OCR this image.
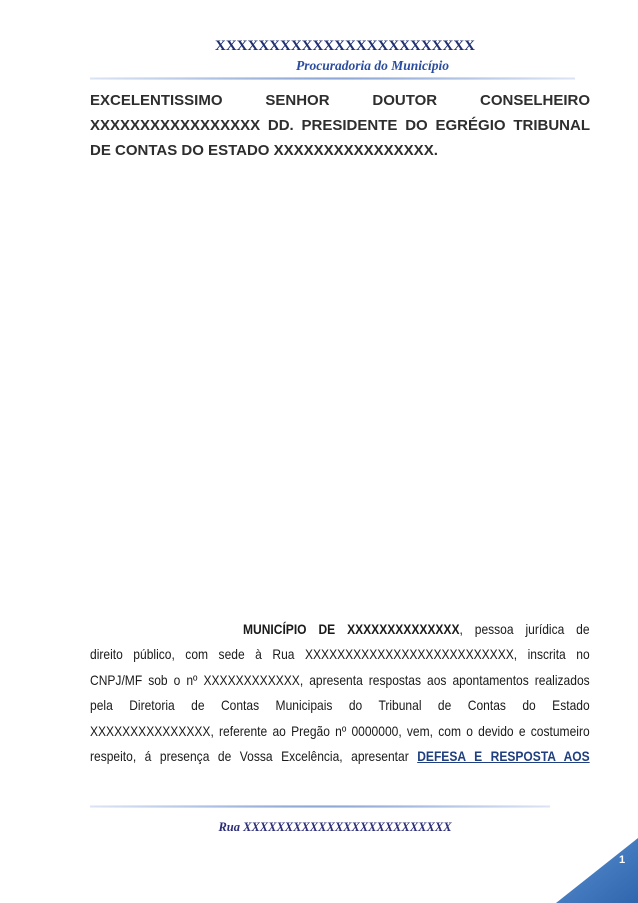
XXXXXXXXXXXXXXXXXXXXXXXX
Procuradoria do Município
EXCELENTISSIMO SENHOR DOUTOR CONSELHEIRO
XXXXXXXXXXXXXXXXX DD. PRESIDENTE DO EGRÉGIO TRIBUNAL
DE CONTAS DO ESTADO XXXXXXXXXXXXXXXX.
MUNICÍPIO DE XXXXXXXXXXXXXX, pessoa jurídica de
direito público, com sede à Rua XXXXXXXXXXXXXXXXXXXXXXXXXX, inscrita no
CNPJ/MF sob o nº XXXXXXXXXXXX, apresenta respostas aos apontamentos realizados
pela Diretoria de Contas Municipais do Tribunal de Contas do Estado
XXXXXXXXXXXXXXX, referente ao Pregão nº 0000000, vem, com o devido e costumeiro
respeito, á presença de Vossa Excelência, apresentar DEFESA E RESPOSTA AOS
Rua XXXXXXXXXXXXXXXXXXXXXXXXX
1
